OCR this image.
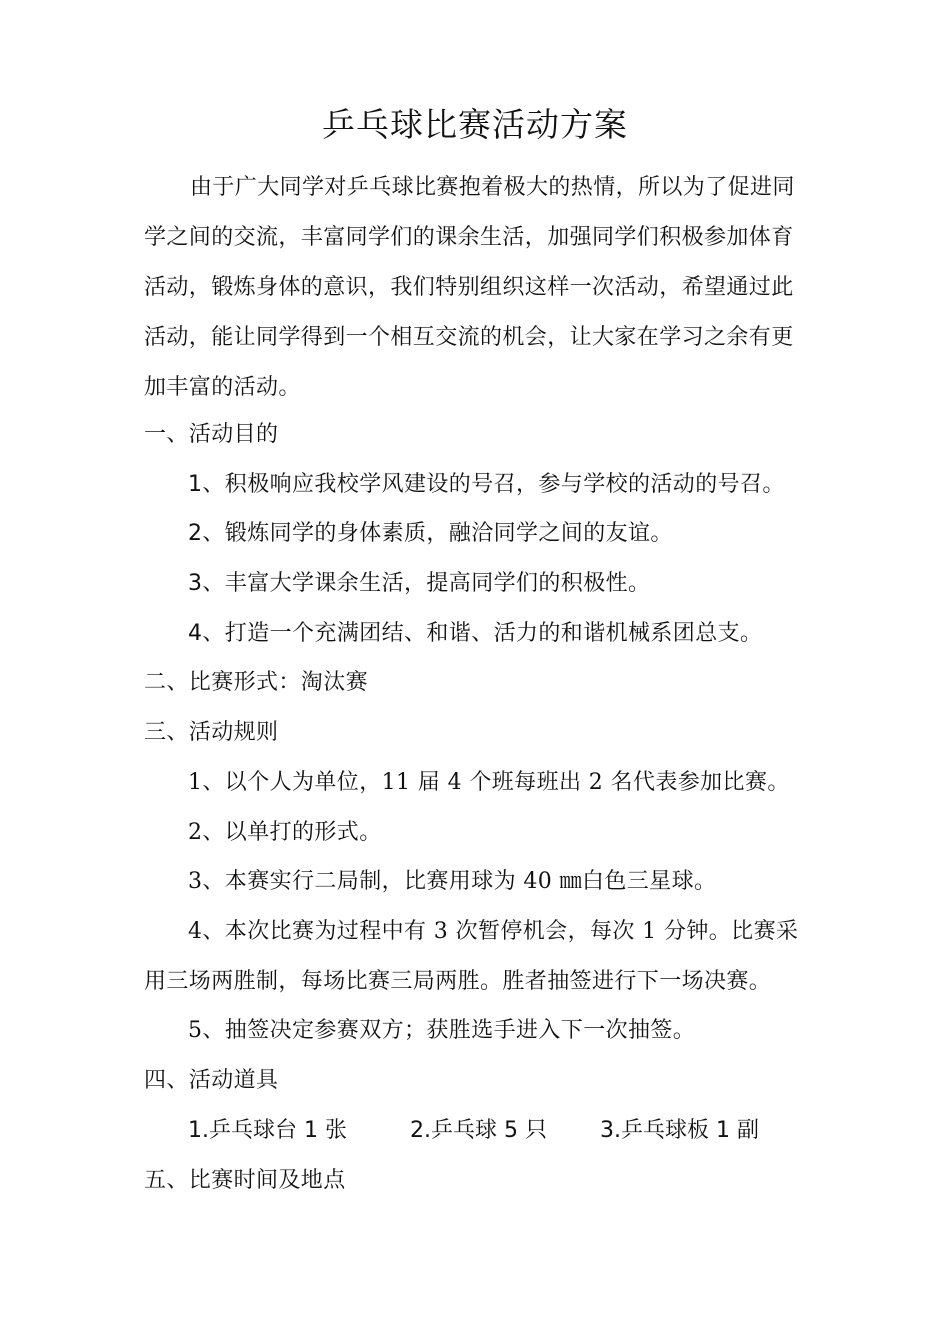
乒乓球比赛活动方案

由于广大同学对乒乓球比赛抱着极大的热情，所以为了促进同学之间的交流，丰富同学们的课余生活，加强同学们积极参加体育活动，锻炼身体的意识，我们特别组织这样一次活动，希望通过此活动，能让同学得到一个相互交流的机会，让大家在学习之余有更加丰富的活动。

一、活动目的
1、积极响应我校学风建设的号召，参与学校的活动的号召。
2、锻炼同学的身体素质，融洽同学之间的友谊。
3、丰富大学课余生活，提高同学们的积极性。
4、打造一个充满团结、和谐、活力的和谐机械系团总支。
二、比赛形式：淘汰赛
三、活动规则
1、以个人为单位，11 届 4 个班每班出 2 名代表参加比赛。
2、以单打的形式。
3、本赛实行二局制，比赛用球为 40 ㎜白色三星球。

4、本次比赛为过程中有 3 次暂停机会，每次 1 分钟。比赛采用三场两胜制，每场比赛三局两胜。胜者抽签进行下一场决赛。

5、抽签决定参赛双方；获胜选手进入下一次抽签。
四、活动道具
1.乒乓球台 1 张	2.乒乓球 5 只 3.乒乓球板 1 副
五、比赛时间及地点
